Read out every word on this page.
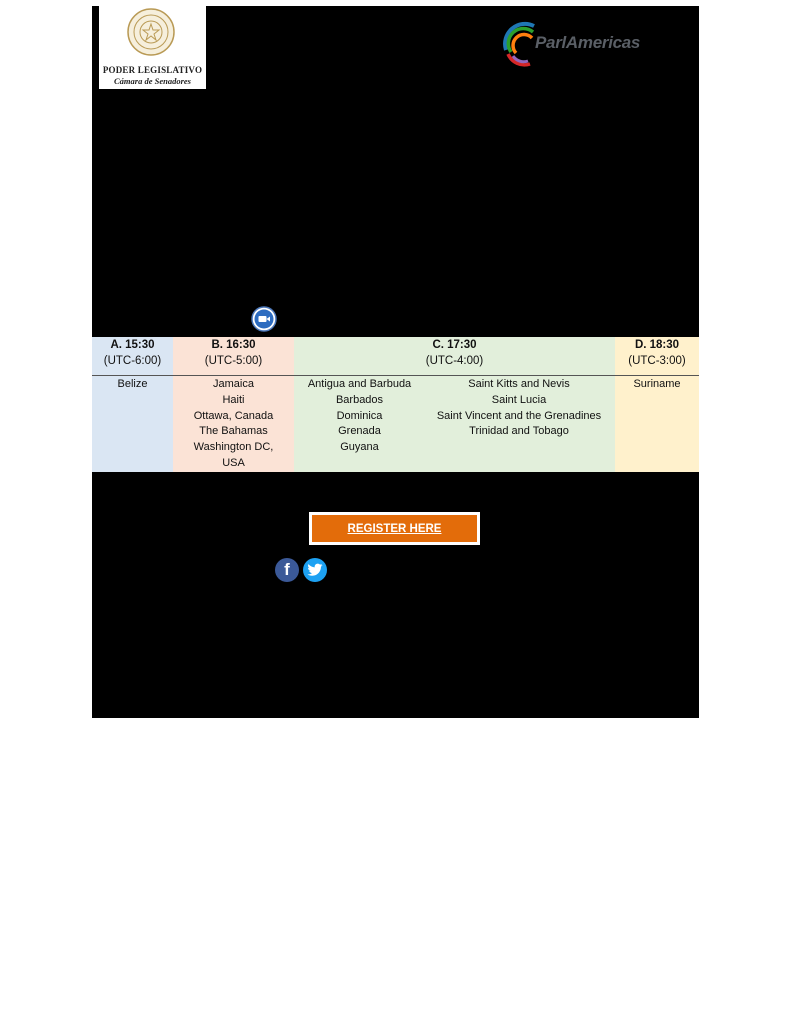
PODER LEGISLATIVO
Cámara de Senadores
ParlAmericas
A. 15:30
(UTC-6:00)
Belize
B. 16:30
(UTC-5:00)
Jamaica
Haiti
Ottawa, Canada
The Bahamas
Washington DC,
USA
C. 17:30
(UTC-4:00)
Antigua and Barbuda
Barbados
Dominica
Grenada
Guyana
Saint Kitts and Nevis
Saint Lucia
Saint Vincent and the Grenadines
Trinidad and Tobago
D. 18:30
(UTC-3:00)
Suriname
REGISTER HERE
f
